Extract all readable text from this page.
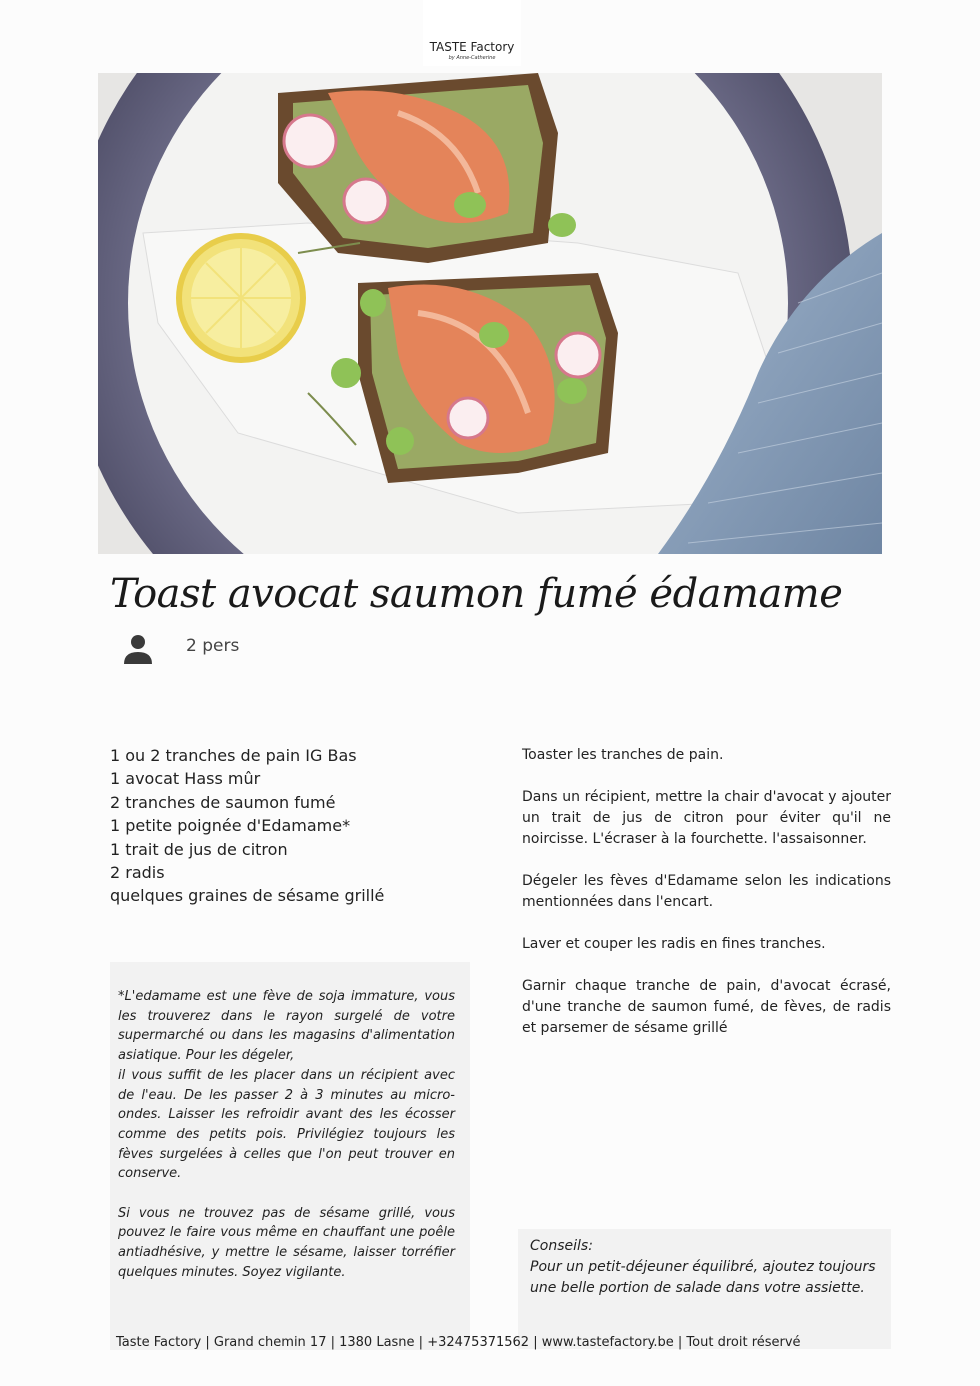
TASTE Factory
by Anne-Catherine
Toast avocat saumon fumé édamame
2 pers
1 ou 2 tranches de pain IG Bas
1 avocat Hass mûr
2 tranches de saumon fumé
1 petite poignée d'Edamame*
1 trait de jus de citron
2 radis
quelques graines de sésame grillé

Toaster les tranches de pain.

Dans un récipient, mettre la chair d'avocat y ajouter un trait de jus de citron pour éviter qu'il ne noircisse. L'écraser à la fourchette. l'assaisonner.

Dégeler les fèves d'Edamame selon les indications mentionnées dans l'encart.

Laver et couper les radis en fines tranches.

Garnir chaque tranche de pain, d'avocat écrasé, d'une tranche de saumon fumé, de fèves, de radis et parsemer de sésame grillé

*L'edamame est une fève de soja immature, vous les trouverez dans le rayon surgelé de votre supermarché ou dans les magasins d'alimentation asiatique. Pour les dégeler,

il vous suffit de les placer dans un récipient avec de l'eau. De les passer 2 à 3 minutes au micro-ondes. Laisser les refroidir avant des les écosser comme des petits pois. Privilégiez toujours les fèves surgelées à celles que l'on peut trouver en conserve.

Si vous ne trouvez pas de sésame grillé, vous pouvez le faire vous même en chauffant une poêle antiadhésive, y mettre le sésame, laisser torréfier quelques minutes. Soyez vigilante.

Conseils:

Pour un petit-déjeuner équilibré, ajoutez toujours une belle portion de salade dans votre assiette.

Taste Factory | Grand chemin 17 | 1380 Lasne | +32475371562 | www.tastefactory.be | Tout droit réservé
